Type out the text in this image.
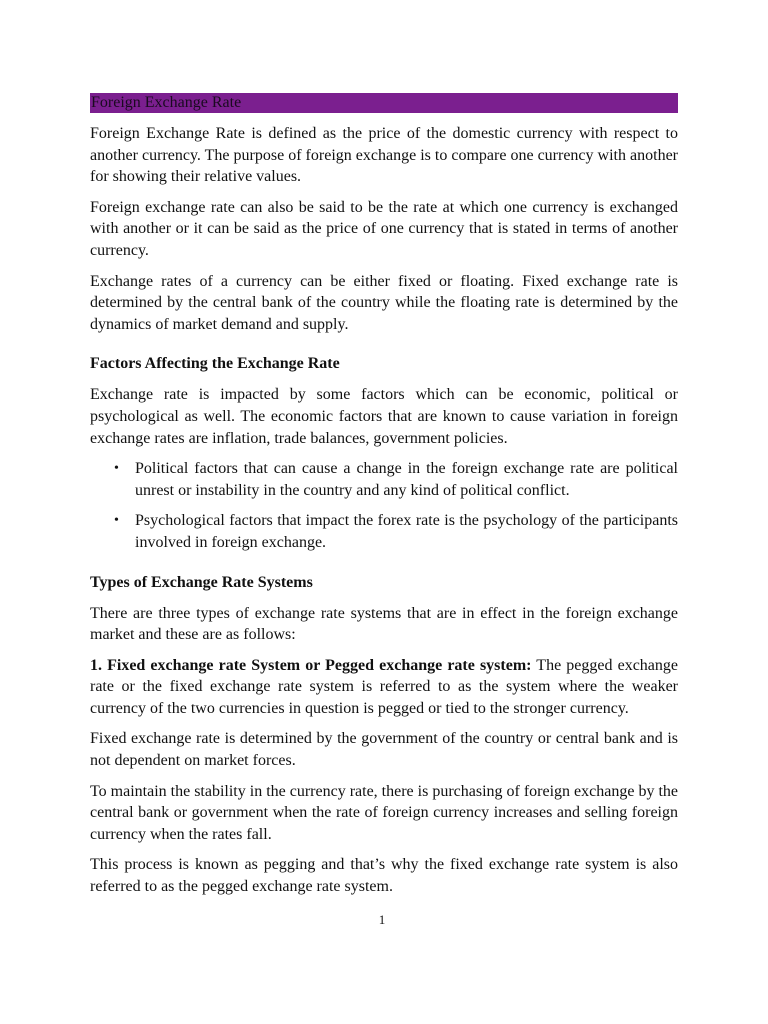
Foreign Exchange Rate

Foreign Exchange Rate is defined as the price of the domestic currency with respect to another currency. The purpose of foreign exchange is to compare one currency with another for showing their relative values.

Foreign exchange rate can also be said to be the rate at which one currency is exchanged with another or it can be said as the price of one currency that is stated in terms of another currency.

Exchange rates of a currency can be either fixed or floating. Fixed exchange rate is determined by the central bank of the country while the floating rate is determined by the dynamics of market demand and supply.

Factors Affecting the Exchange Rate

Exchange rate is impacted by some factors which can be economic, political or psychological as well. The economic factors that are known to cause variation in foreign exchange rates are inflation, trade balances, government policies.

• Political factors that can cause a change in the foreign exchange rate are political unrest or instability in the country and any kind of political conflict.
• Psychological factors that impact the forex rate is the psychology of the participants involved in foreign exchange.
Types of Exchange Rate Systems

There are three types of exchange rate systems that are in effect in the foreign exchange market and these are as follows:

1. Fixed exchange rate System or Pegged exchange rate system: The pegged exchange rate or the fixed exchange rate system is referred to as the system where the weaker currency of the two currencies in question is pegged or tied to the stronger currency.

Fixed exchange rate is determined by the government of the country or central bank and is not dependent on market forces.

To maintain the stability in the currency rate, there is purchasing of foreign exchange by the central bank or government when the rate of foreign currency increases and selling foreign currency when the rates fall.

This process is known as pegging and that’s why the fixed exchange rate system is also referred to as the pegged exchange rate system.

1
